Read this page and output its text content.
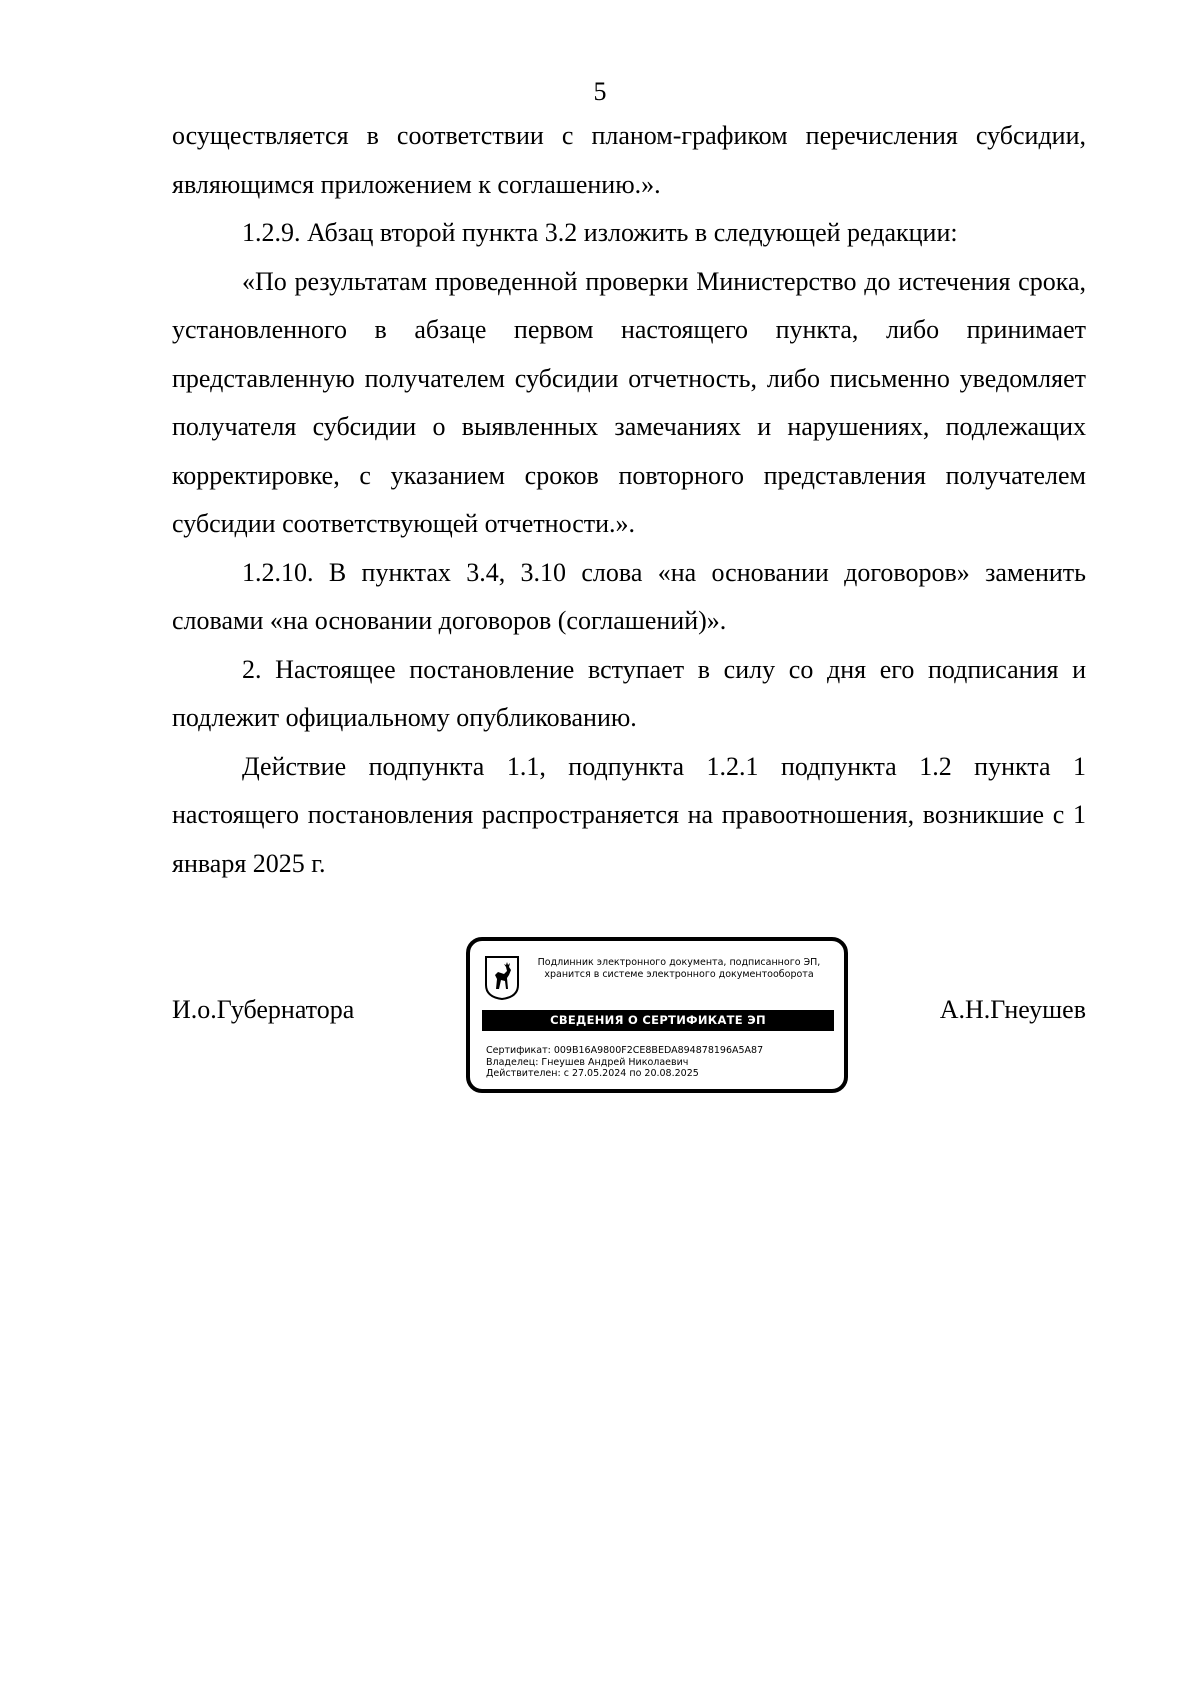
5

осуществляется в соответствии с планом-графиком перечисления субсидии, являющимся приложением к соглашению.».

1.2.9. Абзац второй пункта 3.2 изложить в следующей редакции:

«По результатам проведенной проверки Министерство до истечения срока, установленного в абзаце первом настоящего пункта, либо принимает представленную получателем субсидии отчетность, либо письменно уведомляет получателя субсидии о выявленных замечаниях и нарушениях, подлежащих корректировке, с указанием сроков повторного представления получателем субсидии соответствующей отчетности.».

1.2.10. В пунктах 3.4, 3.10 слова «на основании договоров» заменить словами «на основании договоров (соглашений)».

2. Настоящее постановление вступает в силу со дня его подписания и подлежит официальному опубликованию.

Действие подпункта 1.1, подпункта 1.2.1 подпункта 1.2 пункта 1 настоящего постановления распространяется на правоотношения, возникшие с 1 января 2025 г.

И.о.Губернатора
Подлинник электронного документа, подписанного ЭП,
хранится в системе электронного документооборота
СВЕДЕНИЯ О СЕРТИФИКАТЕ ЭП
Сертификат: 009B16A9800F2CE8BEDA894878196A5A87
Владелец: Гнеушев Андрей Николаевич
Действителен: с 27.05.2024 по 20.08.2025
А.Н.Гнеушев
